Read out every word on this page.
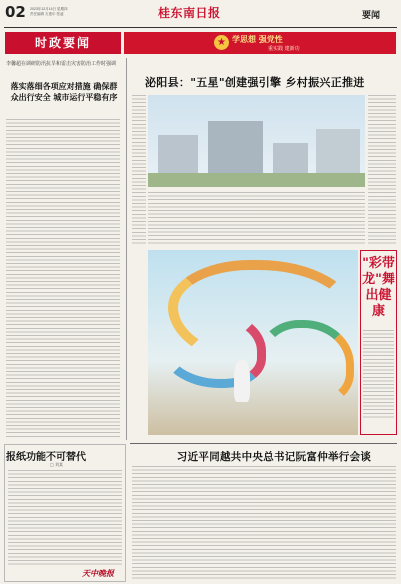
02 2023年12月14日 星期四
责任编辑 万惠尔 张凌	桂东南日报	要闻
时政要闻
★	学思想 强党性
重实践 建新功
李馨超在调研防汛抗旱和雷击灾害防治工作时强调
落实落细各项应对措施 确保群众出行安全 城市运行平稳有序
泌阳县："五星"创建强引擎 乡村振兴正推进
"彩带龙"舞出健康
报纸功能不可替代
□ 刘某
天中晚报
习近平同越共中央总书记阮富仲举行会谈
